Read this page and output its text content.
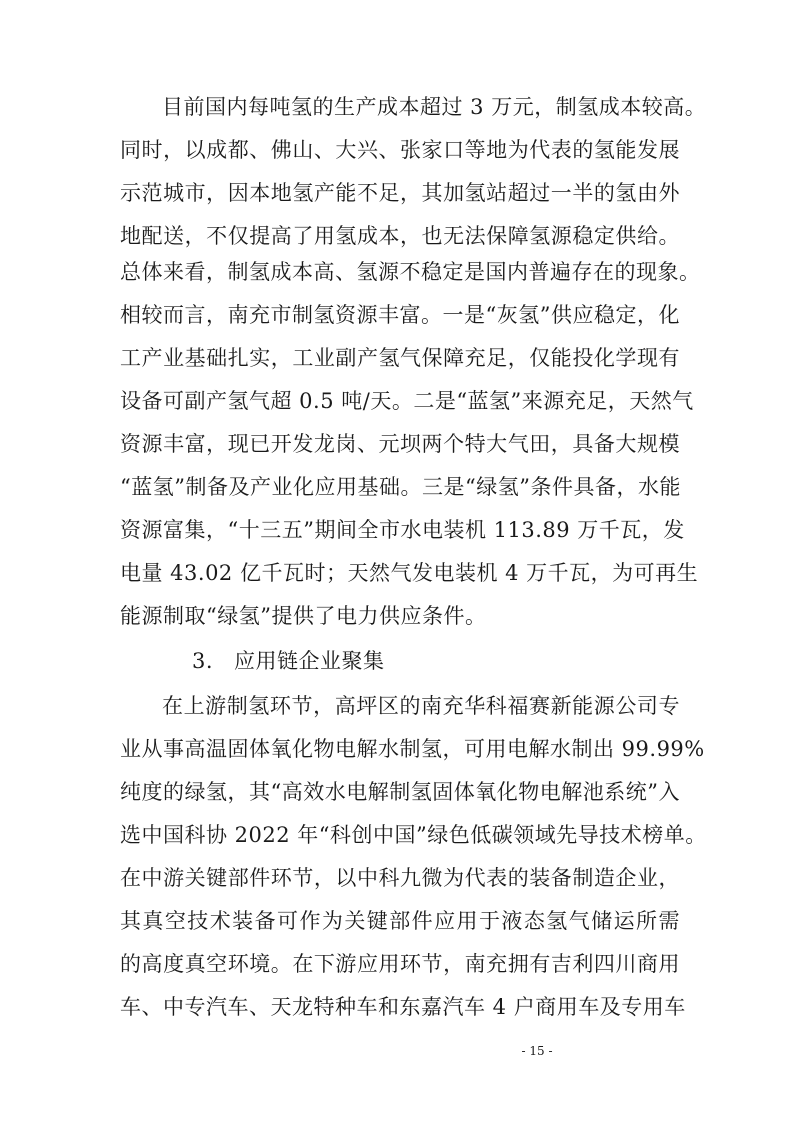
目前国内每吨氢的生产成本超过 3 万元，制氢成本较高。
同时，以成都、佛山、大兴、张家口等地为代表的氢能发展
示范城市，因本地氢产能不足，其加氢站超过一半的氢由外
地配送，不仅提高了用氢成本，也无法保障氢源稳定供给。
总体来看，制氢成本高、氢源不稳定是国内普遍存在的现象。
相较而言，南充市制氢资源丰富。一是“灰氢”供应稳定，化
工产业基础扎实，工业副产氢气保障充足，仅能投化学现有
设备可副产氢气超 0.5 吨/天。二是“蓝氢”来源充足，天然气
资源丰富，现已开发龙岗、元坝两个特大气田，具备大规模
“蓝氢”制备及产业化应用基础。三是“绿氢”条件具备，水能
资源富集，“十三五”期间全市水电装机 113.89 万千瓦，发
电量 43.02 亿千瓦时；天然气发电装机 4 万千瓦，为可再生
能源制取“绿氢”提供了电力供应条件。
3. 应用链企业聚集
在上游制氢环节，高坪区的南充华科福赛新能源公司专
业从事高温固体氧化物电解水制氢，可用电解水制出 99.99%
纯度的绿氢，其“高效水电解制氢固体氧化物电解池系统”入
选中国科协 2022 年“科创中国”绿色低碳领域先导技术榜单。
在中游关键部件环节，以中科九微为代表的装备制造企业，
其真空技术装备可作为关键部件应用于液态氢气储运所需
的高度真空环境。在下游应用环节，南充拥有吉利四川商用
车、中专汽车、天龙特种车和东嘉汽车 4 户商用车及专用车
- 15 -
